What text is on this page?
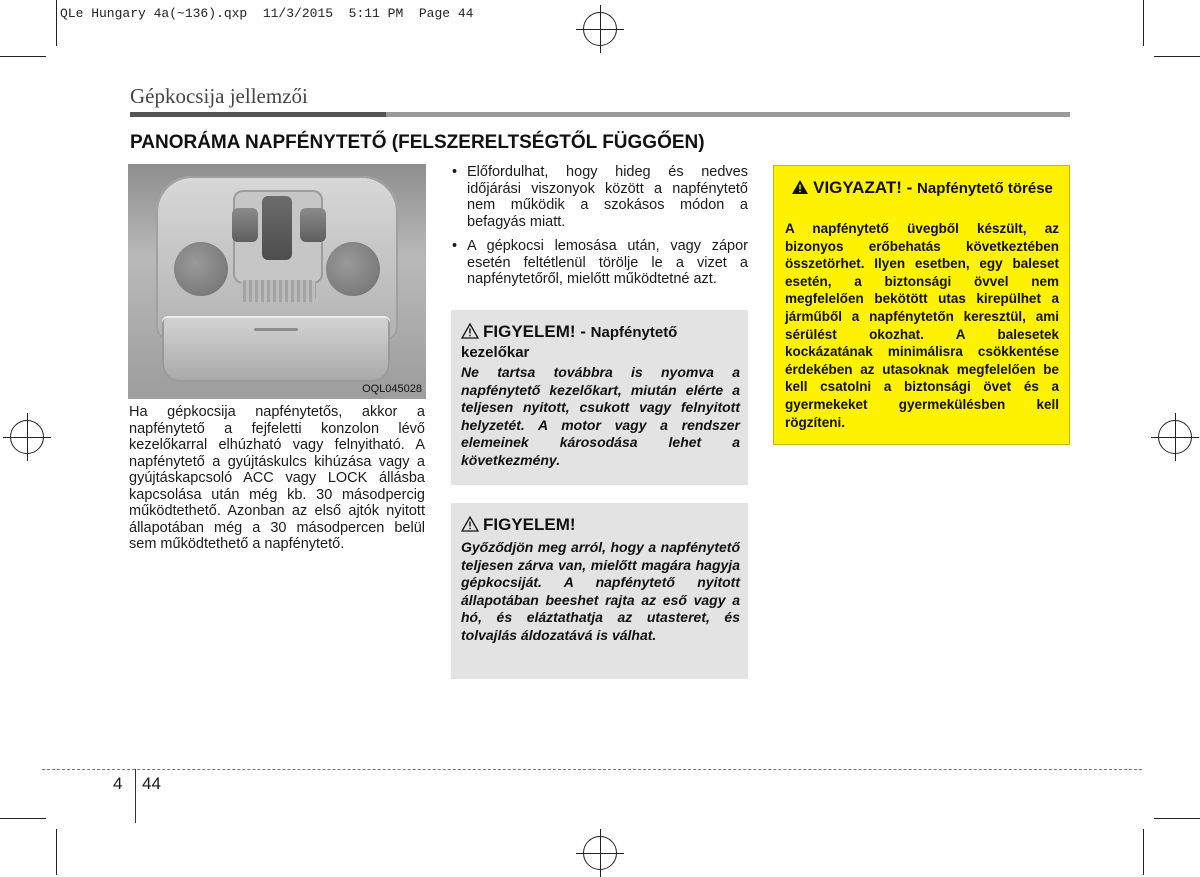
QLe Hungary 4a(~136).qxp  11/3/2015  5:11 PM  Page 44
Gépkocsija jellemzői
PANORÁMA NAPFÉNYTETŐ (FELSZERELTSÉGTŐL FÜGGŐEN)
OQL045028
Ha gépkocsija napfénytetős, akkor a napfénytető a fejfeletti konzolon lévő kezelőkarral elhúzható vagy felnyitható. A napfénytető a gyújtáskulcs kihúzása vagy a gyújtáskapcsoló ACC vagy LOCK állásba kapcsolása után még kb. 30 másodpercig működtethető. Azonban az első ajtók nyitott állapotában még a 30 másodpercen belül sem működtethető a napfénytető.
• Előfordulhat, hogy hideg és nedves időjárási viszonyok között a napfénytető nem működik a szokásos módon a befagyás miatt.
• A gépkocsi lemosása után, vagy zápor esetén feltétlenül törölje le a vizet a napfénytetőről, mielőtt működtetné azt.
FIGYELEM! - Napfénytető kezelőkar
Ne tartsa továbbra is nyomva a napfénytető kezelőkart, miután elérte a teljesen nyitott, csukott vagy felnyitott helyzetét. A motor vagy a rendszer elemeinek károsodása lehet a következmény.
FIGYELEM!
Győződjön meg arról, hogy a napfénytető teljesen zárva van, mielőtt magára hagyja gépkocsiját. A napfénytető nyitott állapotában beeshet rajta az eső vagy a hó, és eláztathatja az utasteret, és tolvajlás áldozatává is válhat.
VIGYAZAT! - Napfénytető törése
A napfénytető üvegből készült, az bizonyos erőbehatás következtében összetörhet. Ilyen esetben, egy baleset esetén, a biztonsági övvel nem megfelelően bekötött utas kirepülhet a járműből a napfénytetőn keresztül, ami sérülést okozhat. A balesetek kockázatának minimálisra csökkentése érdekében az utasoknak megfelelően be kell csatolni a biztonsági övet és a gyermekeket gyermekülésben kell rögzíteni.
4 44
